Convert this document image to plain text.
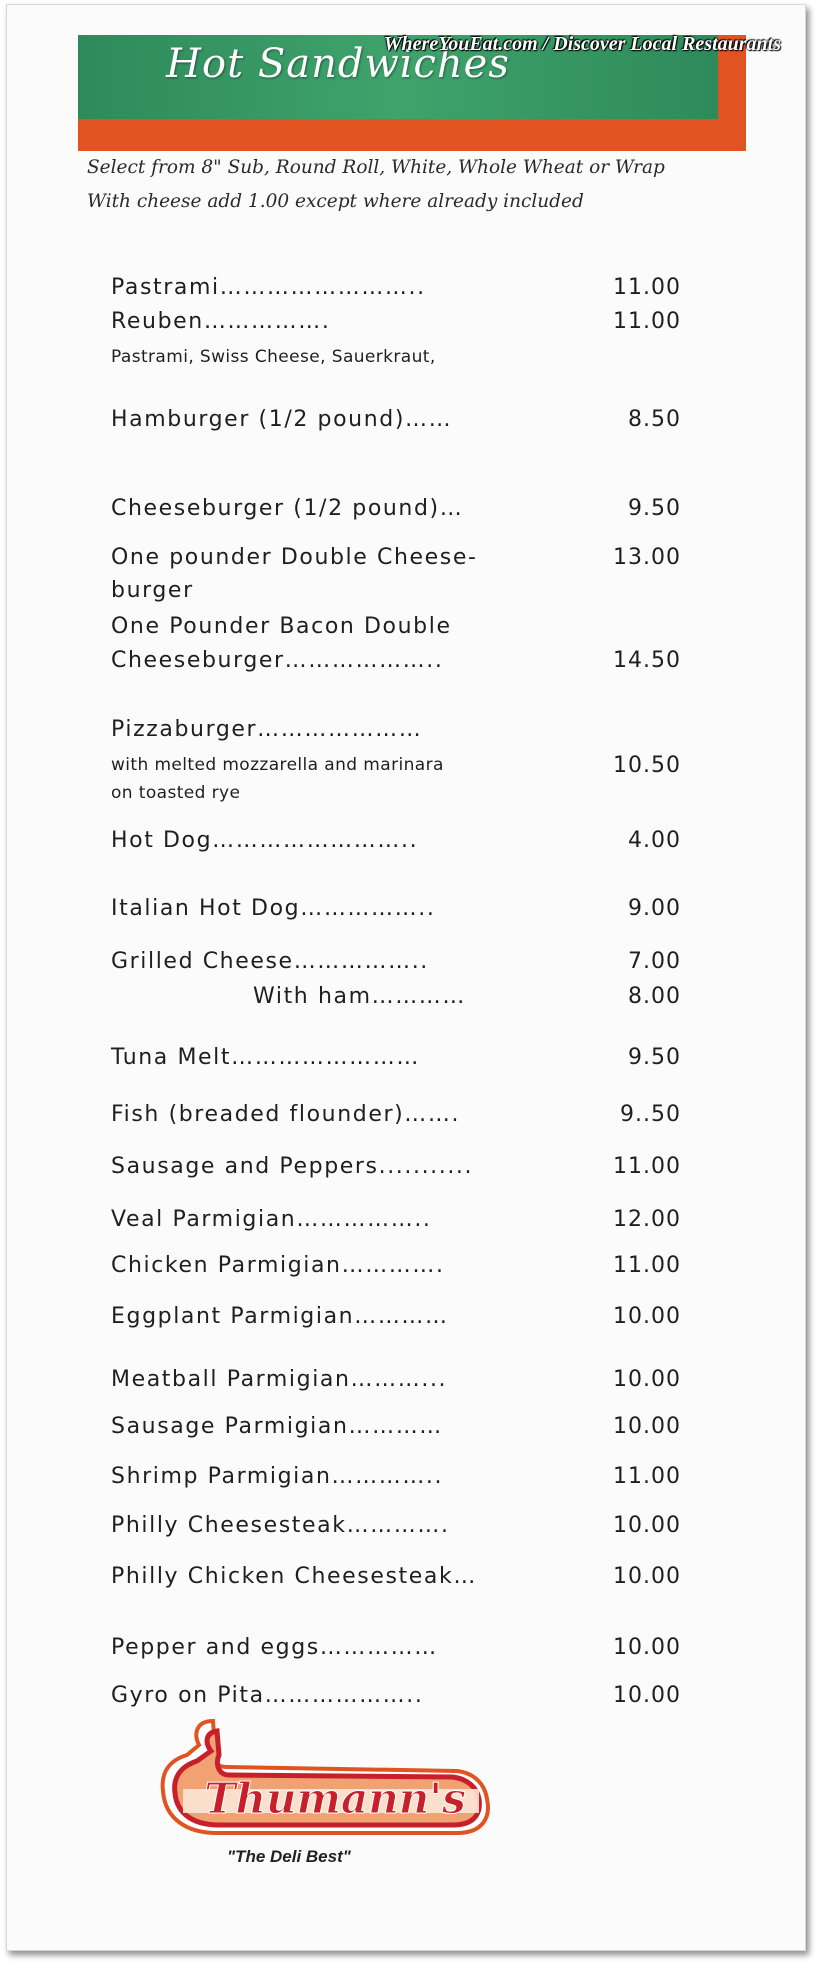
Hot Sandwiches
WhereYouEat.com / Discover Local Restaurants
Select from 8" Sub, Round Roll, White, Whole Wheat or Wrap
With cheese add 1.00 except where already included
Pastrami……………………..	11.00
Reuben…………….	11.00
Pastrami, Swiss Cheese, Sauerkraut,
Hamburger (1/2 pound)……	8.50
Cheeseburger (1/2 pound)…	9.50
One pounder Double Cheese-	13.00
burger
One Pounder Bacon Double
Cheeseburger………………..	14.50
Pizzaburger…………………
with melted mozzarella and marinara	10.50
on toasted rye
Hot Dog……………………..	4.00
Italian Hot Dog……………..	9.00
Grilled Cheese……………..	7.00
With ham…………	8.00
Tuna Melt……………………	9.50
Fish (breaded flounder)…….	9..50
Sausage and Peppers...........	11.00
Veal Parmigian……………..	12.00
Chicken Parmigian………….	11.00
Eggplant Parmigian…………	10.00
Meatball Parmigian………...	10.00
Sausage Parmigian…………	10.00
Shrimp Parmigian…………..	11.00
Philly Cheesesteak………….	10.00
Philly Chicken Cheesesteak…	10.00
Pepper and eggs……………	10.00
Gyro on Pita………………..	10.00
Thumann's
"The Deli Best"
